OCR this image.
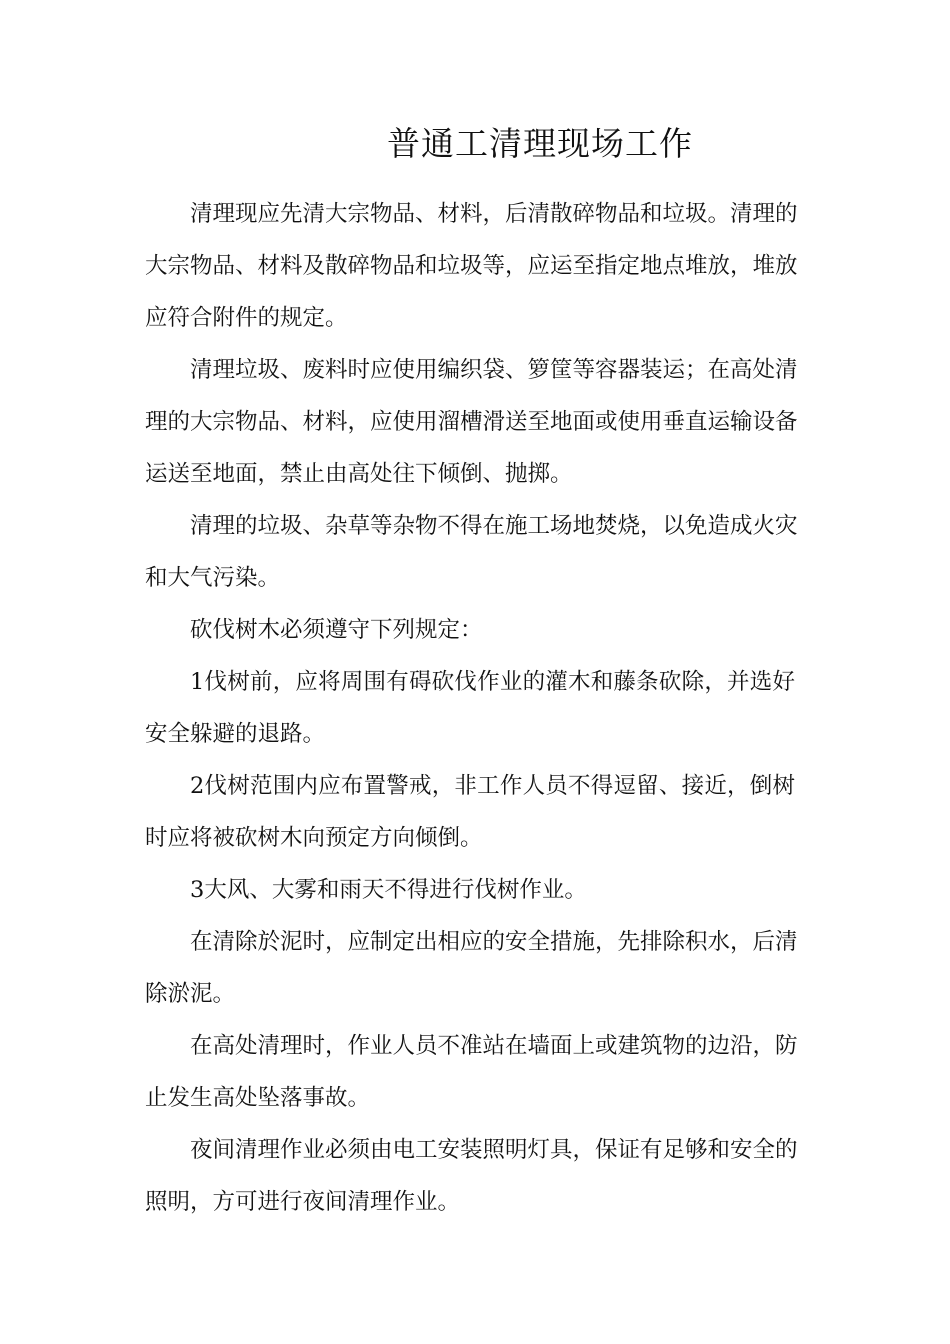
普通工清理现场工作

清理现应先清大宗物品、材料，后清散碎物品和垃圾。清理的

大宗物品、材料及散碎物品和垃圾等，应运至指定地点堆放，堆放

应符合附件的规定。

清理垃圾、废料时应使用编织袋、箩筐等容器装运；在高处清

理的大宗物品、材料，应使用溜槽滑送至地面或使用垂直运输设备

运送至地面，禁止由高处往下倾倒、抛掷。

清理的垃圾、杂草等杂物不得在施工场地焚烧，以免造成火灾

和大气污染。

砍伐树木必须遵守下列规定：

1伐树前，应将周围有碍砍伐作业的灌木和藤条砍除，并选好

安全躲避的退路。

2伐树范围内应布置警戒，非工作人员不得逗留、接近，倒树

时应将被砍树木向预定方向倾倒。

3大风、大雾和雨天不得进行伐树作业。

在清除於泥时，应制定出相应的安全措施，先排除积水，后清

除淤泥。

在高处清理时，作业人员不准站在墙面上或建筑物的边沿，防

止发生高处坠落事故。

夜间清理作业必须由电工安装照明灯具，保证有足够和安全的

照明，方可进行夜间清理作业。
